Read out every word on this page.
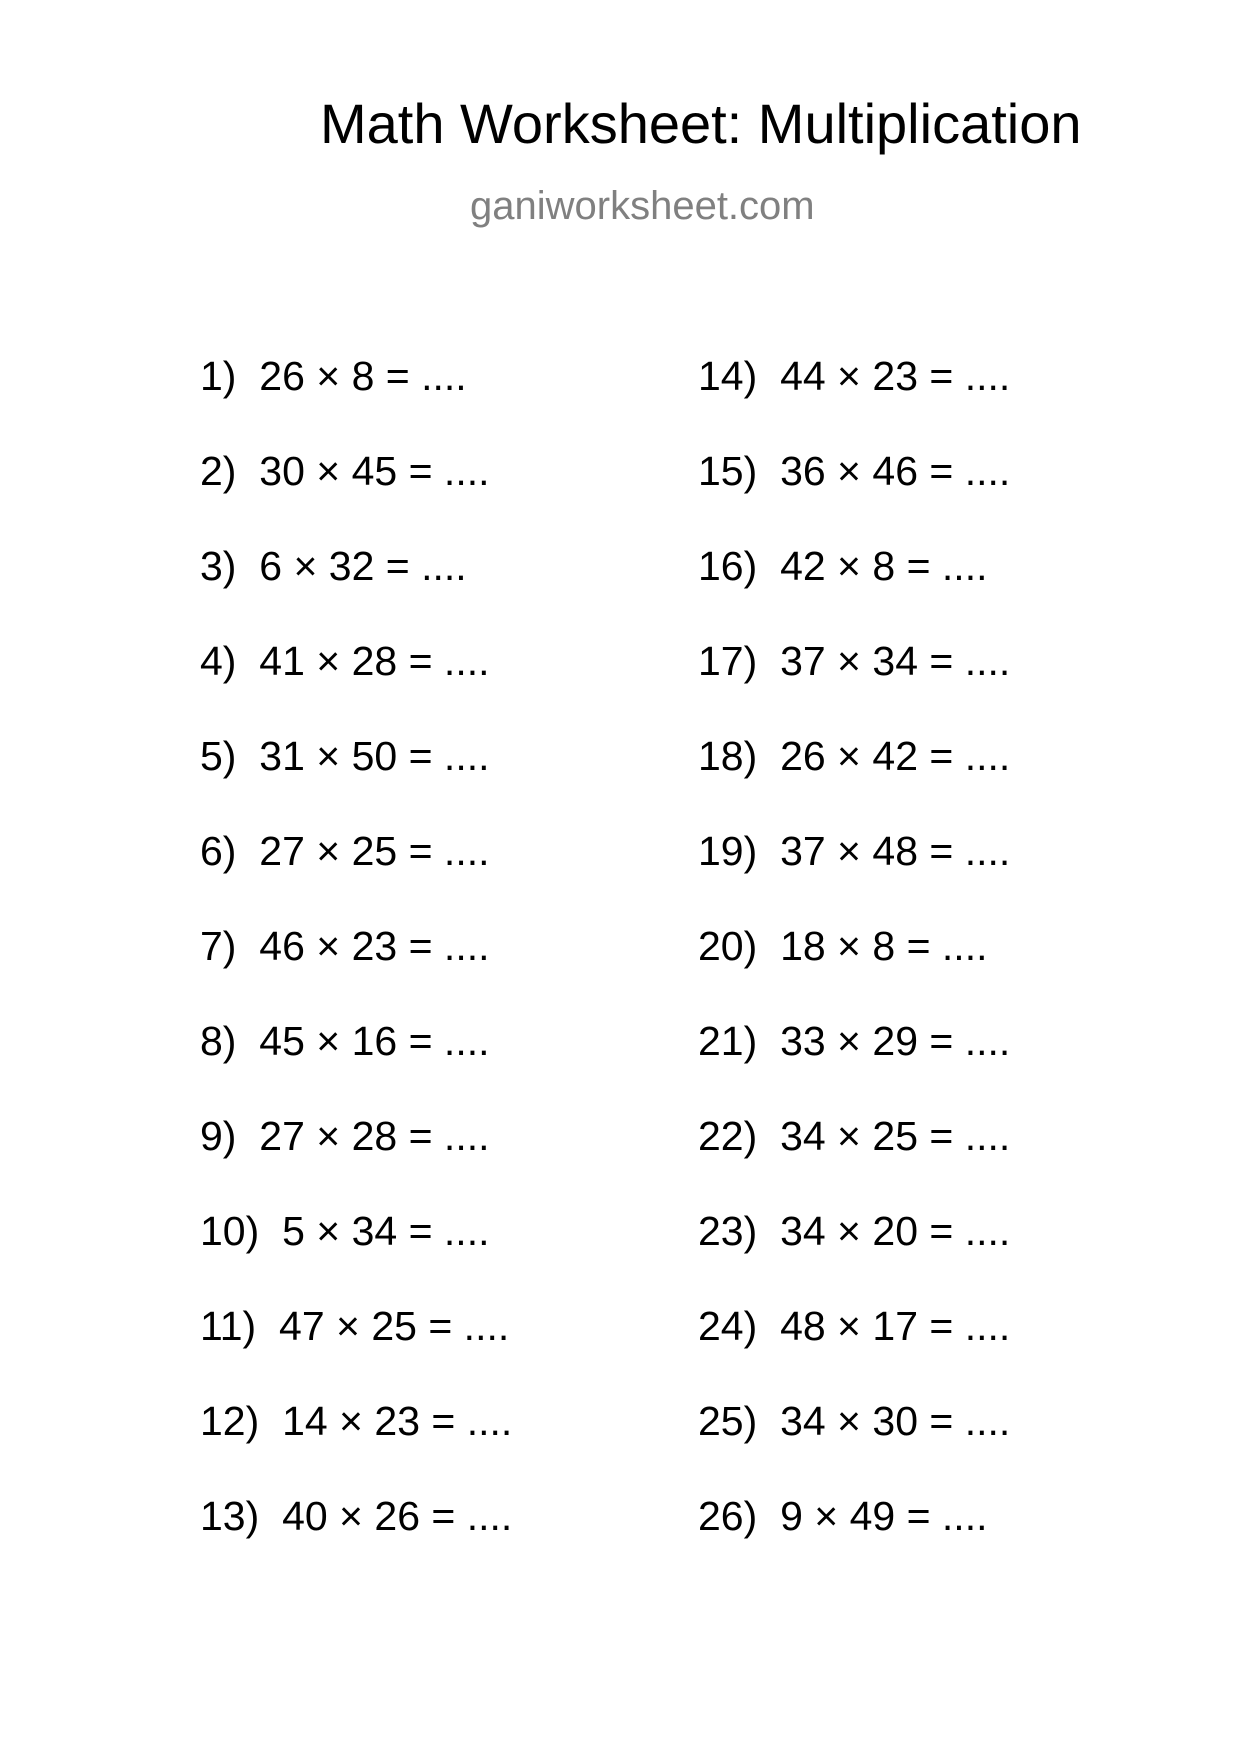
Math Worksheet: Multiplication
ganiworksheet.com
1)
26 × 8 = ....
2)
30 × 45 = ....
3)
6 × 32 = ....
4)
41 × 28 = ....
5)
31 × 50 = ....
6)
27 × 25 = ....
7)
46 × 23 = ....
8)
45 × 16 = ....
9)
27 × 28 = ....
10)
5 × 34 = ....
11)
47 × 25 = ....
12)
14 × 23 = ....
13)
40 × 26 = ....
14)
44 × 23 = ....
15)
36 × 46 = ....
16)
42 × 8 = ....
17)
37 × 34 = ....
18)
26 × 42 = ....
19)
37 × 48 = ....
20)
18 × 8 = ....
21)
33 × 29 = ....
22)
34 × 25 = ....
23)
34 × 20 = ....
24)
48 × 17 = ....
25)
34 × 30 = ....
26)
9 × 49 = ....
